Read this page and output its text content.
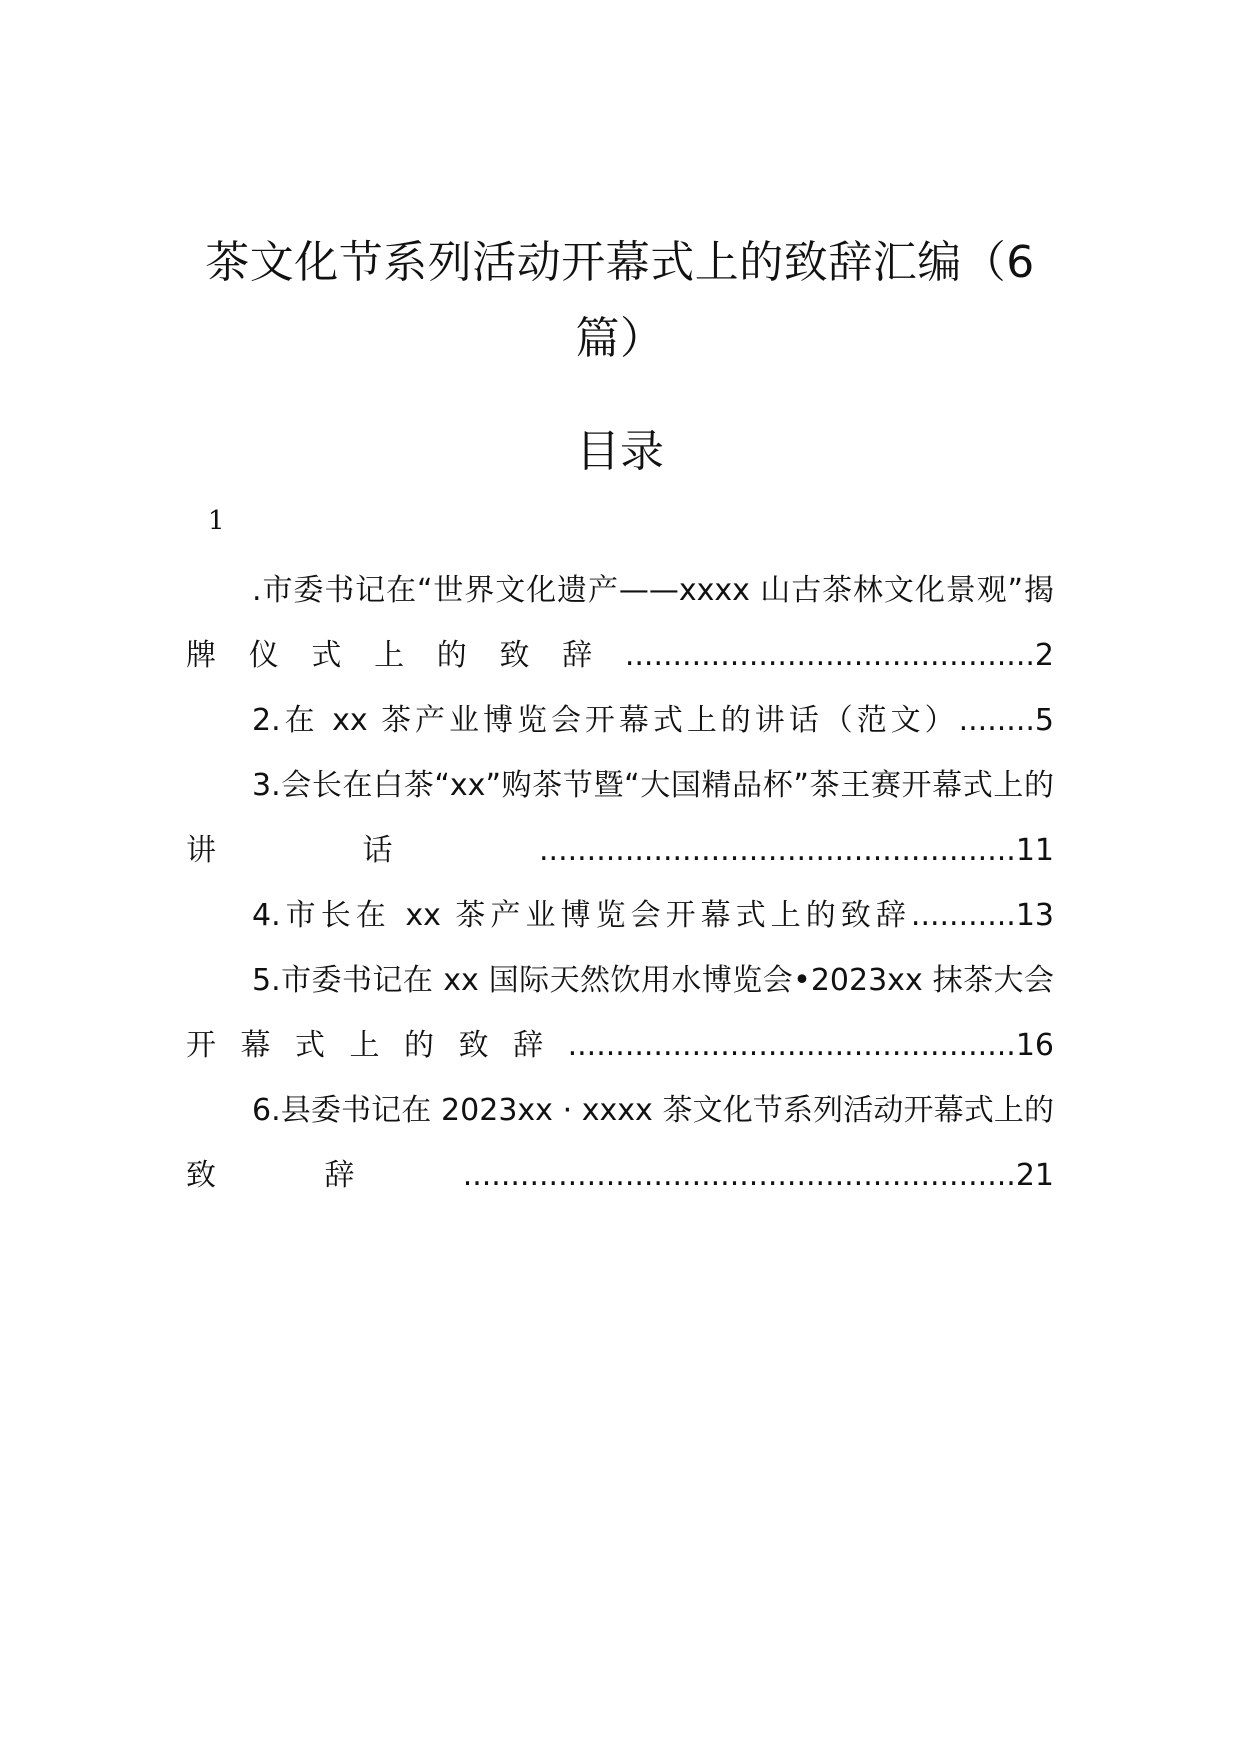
茶文化节系列活动开幕式上的致辞汇编（6篇）
目录
1
.市委书记在“世界文化遗产——xxxx 山古茶林文化景观”揭牌仪式上的致辞...........................................2
2.在 xx 茶产业博览会开幕式上的讲话（范文）........5
3.会长在白茶“xx”购茶节暨“大国精品杯”茶王赛开幕式上的讲话..................................................11
4.市长在 xx 茶产业博览会开幕式上的致辞...........13
5.市委书记在 xx 国际天然饮用水博览会•2023xx 抹茶大会开幕式上的致辞...............................................16
6.县委书记在 2023xx · xxxx 茶文化节系列活动开幕式上的致辞..........................................................21
